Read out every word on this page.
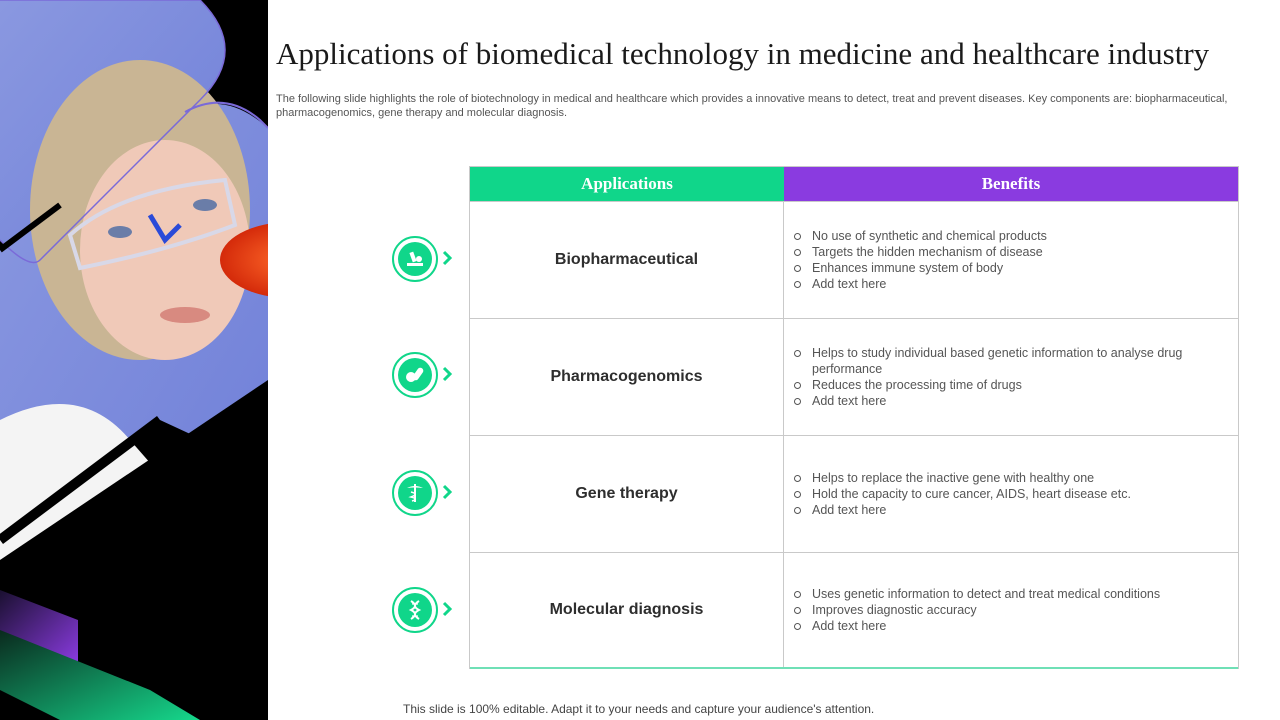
Applications of biomedical technology in medicine and healthcare industry

The following slide highlights the role of biotechnology in medical and healthcare which provides a innovative means to detect, treat and prevent diseases. Key components are: biopharmaceutical, pharmacogenomics, gene therapy and molecular diagnosis.

Applications	Benefits
Biopharmaceutical
No use of synthetic and chemical products
Targets the hidden mechanism of disease
Enhances immune system of body
Add text here
Pharmacogenomics
Helps to study individual based genetic information to analyse drug performance
Reduces the processing time of drugs
Add text here
Gene therapy
Helps to replace the inactive gene with healthy one
Hold the capacity to cure cancer, AIDS, heart disease etc.
Add text here
Molecular diagnosis
Uses genetic information to detect and treat medical conditions
Improves diagnostic accuracy
Add text here

This slide is 100% editable. Adapt it to your needs and capture your audience's attention.
